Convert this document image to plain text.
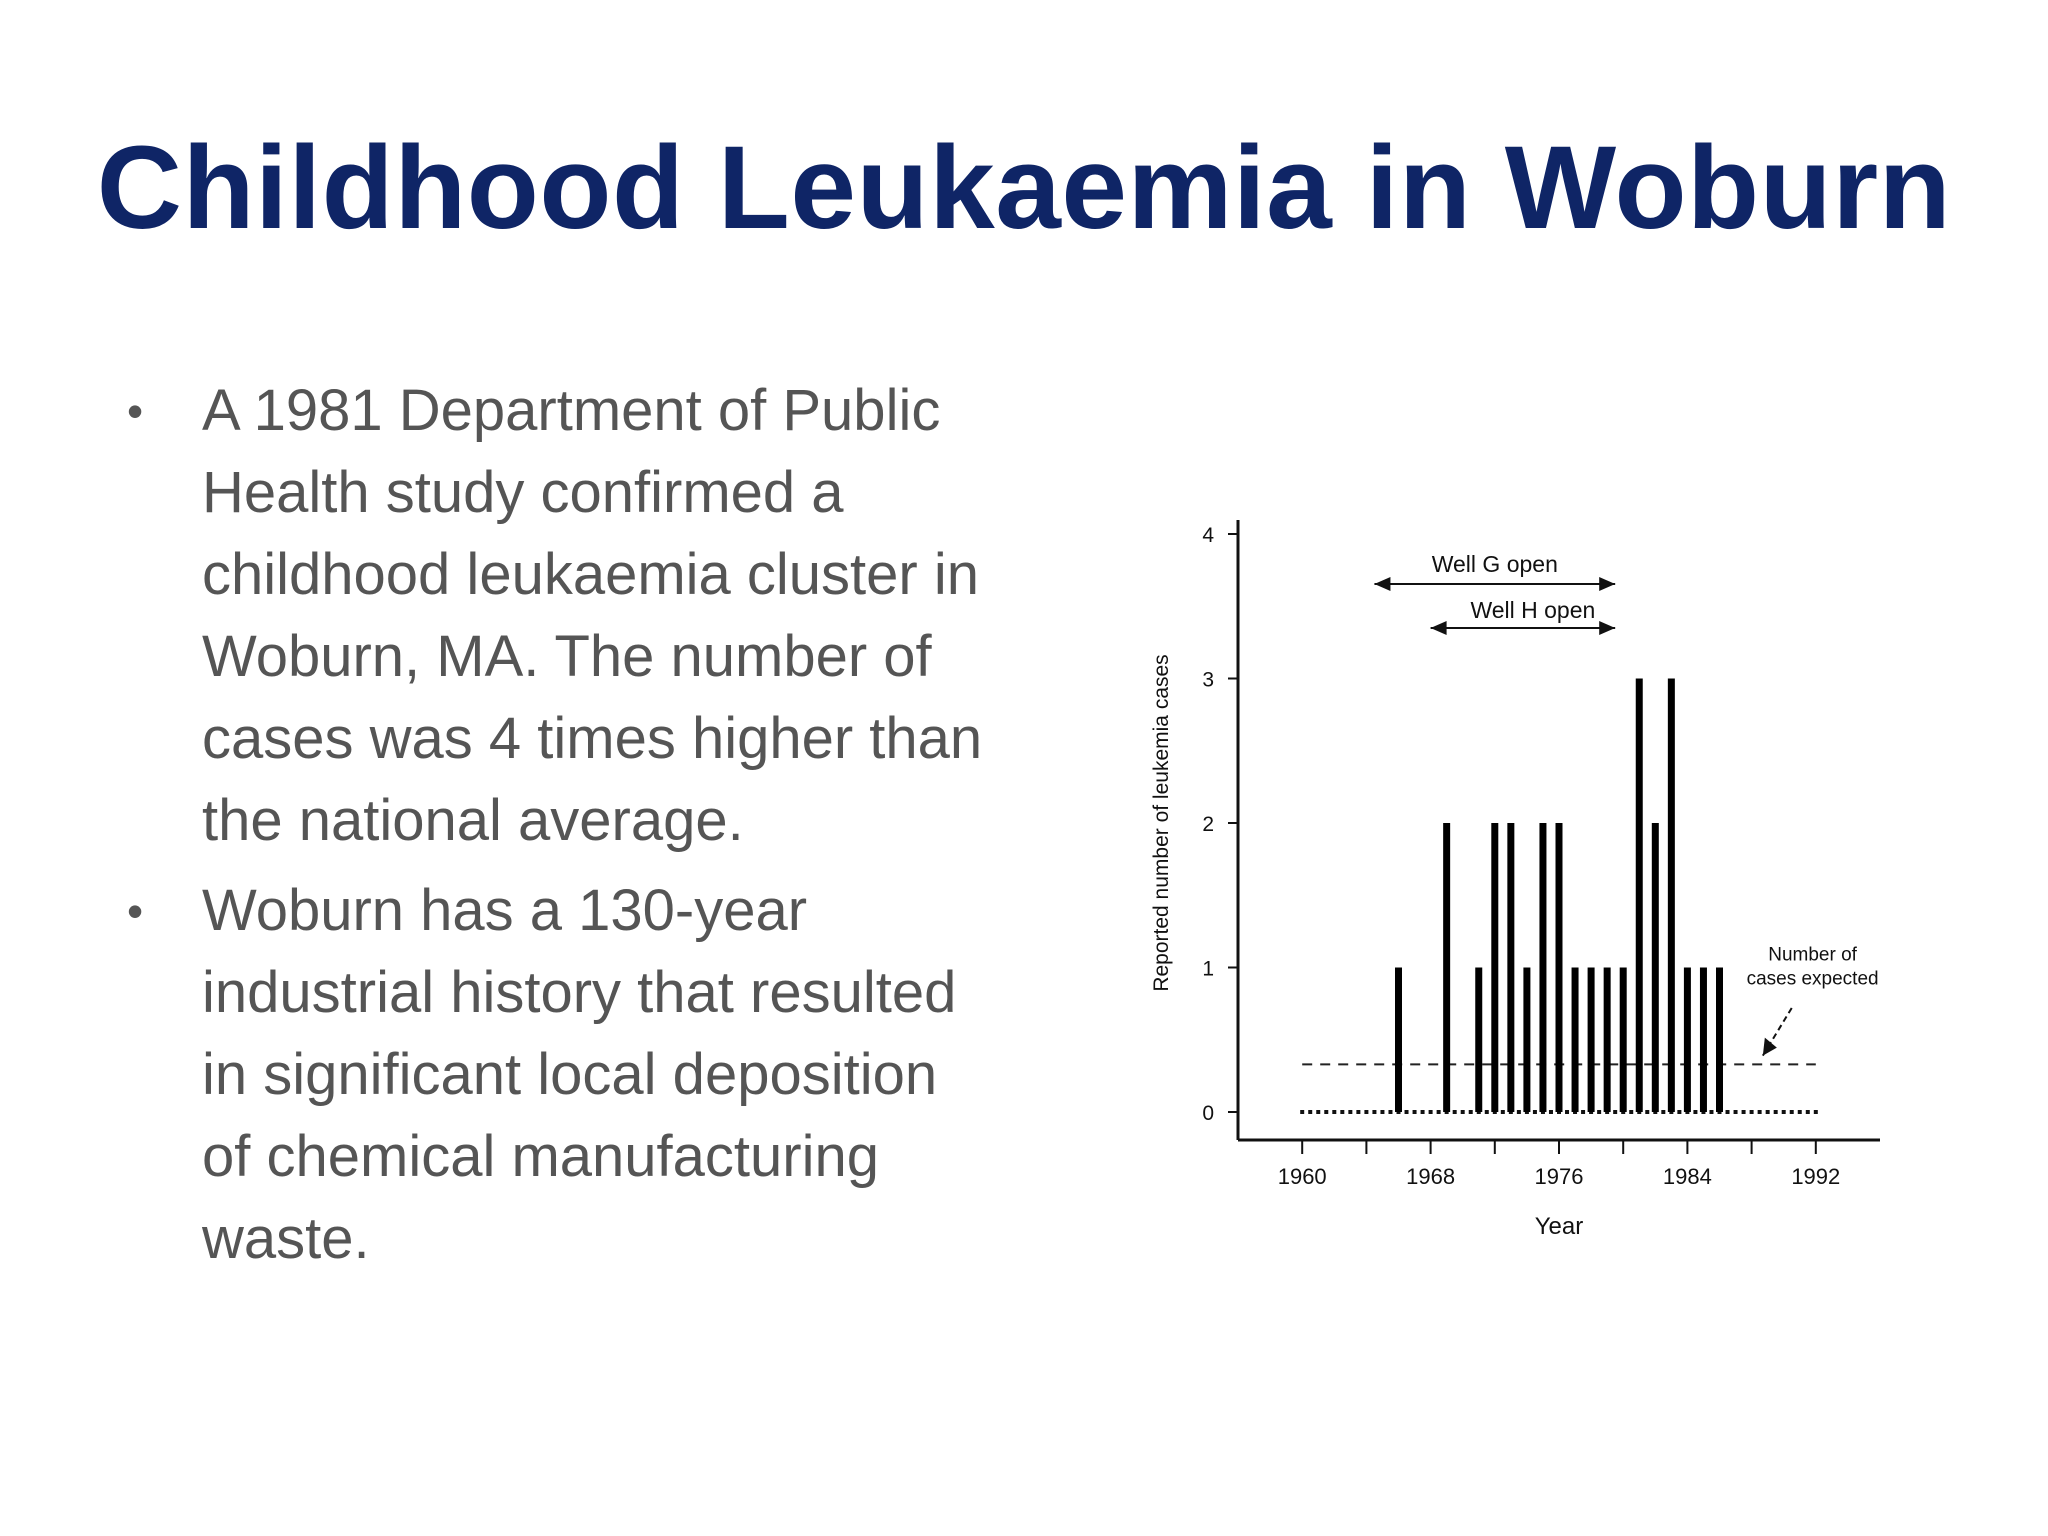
Childhood Leukaemia in Woburn
• A 1981 Department of Public Health study confirmed a childhood leukaemia cluster in Woburn, MA. The number of cases was 4 times higher than the national average.
• Woburn has a 130-year industrial history that resulted in significant local deposition of chemical manufacturing waste.
0
1
2
3
4
1960	1968	1976	1984	1992
Reported number of leukemia cases
Year
Well G open
Well H open
Number of cases expected
